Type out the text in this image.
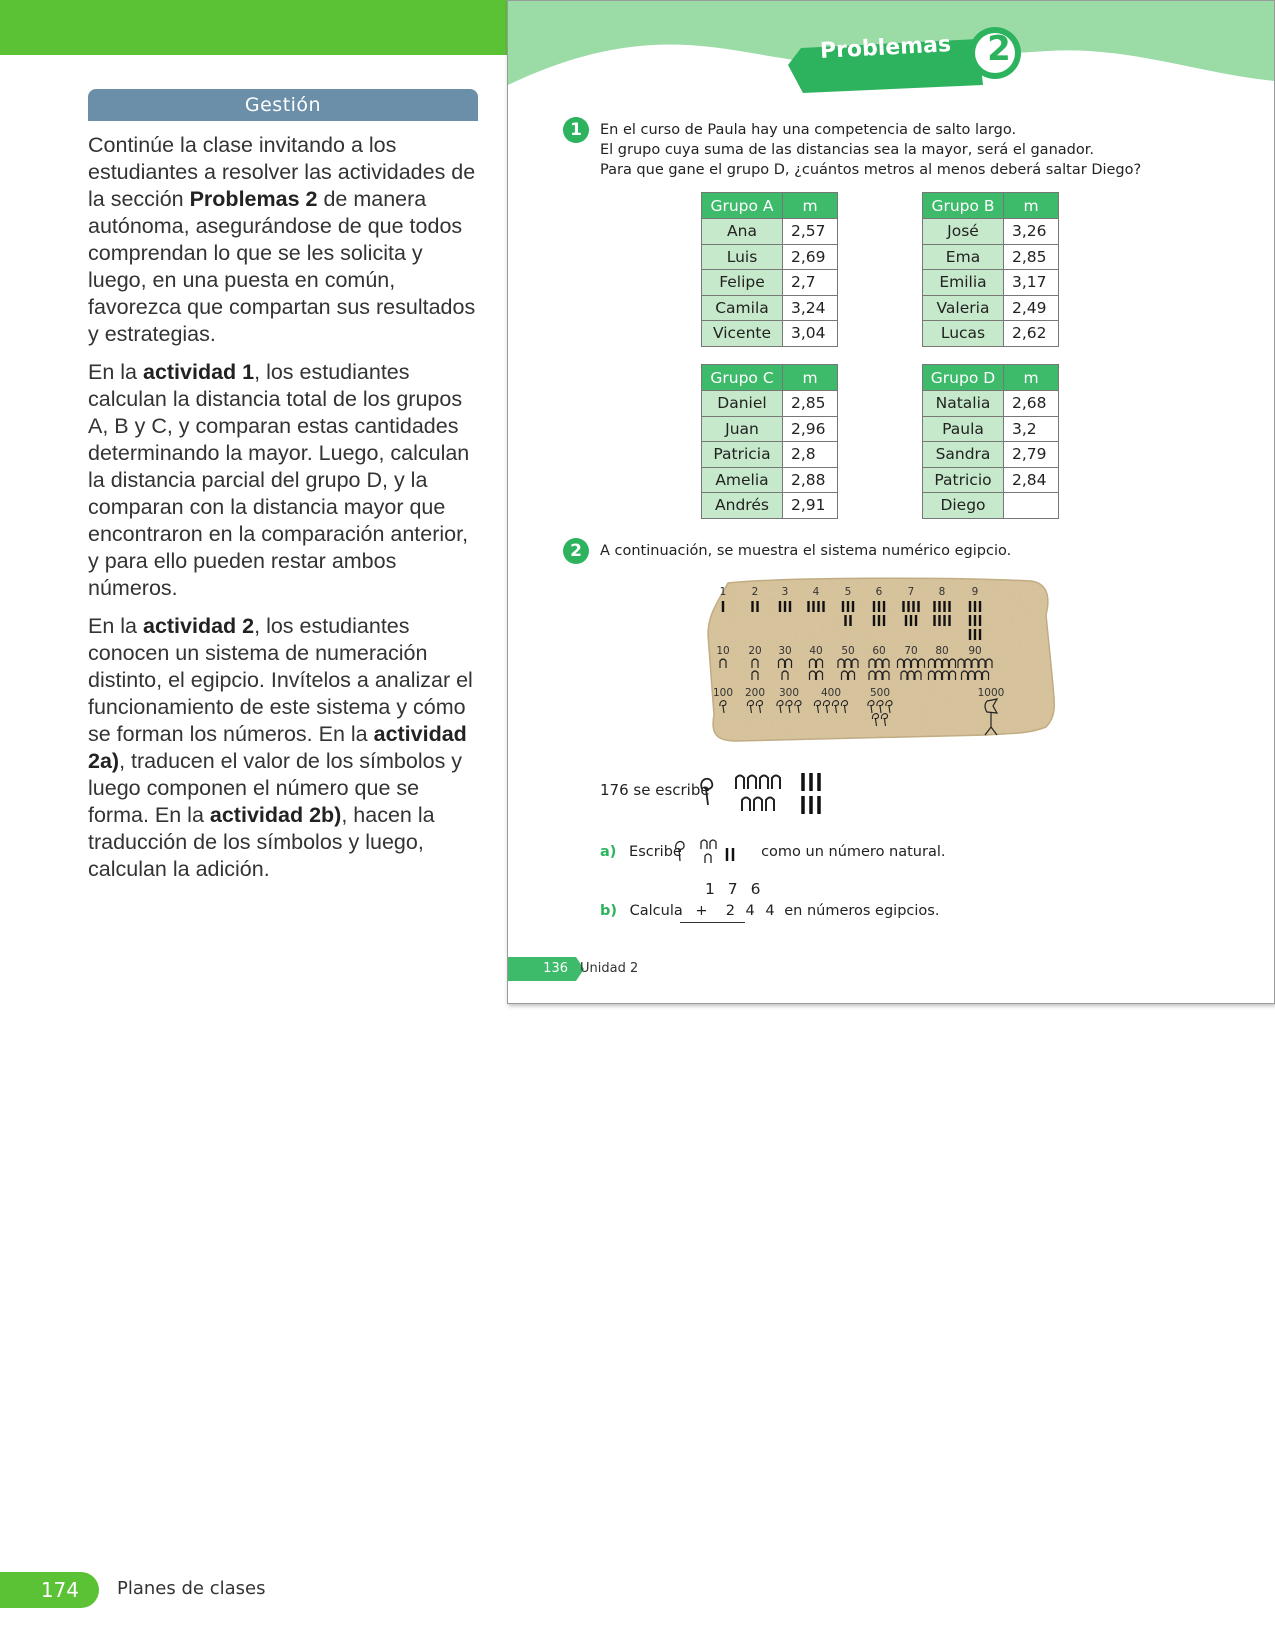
Gestión

Continúe la clase invitando a los estudiantes a resolver las actividades de la sección Problemas 2 de manera autónoma, asegurándose de que todos comprendan lo que se les solicita y luego, en una puesta en común, favorezca que compartan sus resultados y estrategias.

En la actividad 1, los estudiantes calculan la distancia total de los grupos A, B y C, y comparan estas cantidades determinando la mayor. Luego, calculan la distancia parcial del grupo D, y la comparan con la distancia mayor que encontraron en la comparación anterior, y para ello pueden restar ambos números.

En la actividad 2, los estudiantes conocen un sistema de numeración distinto, el egipcio. Invítelos a analizar el funcionamiento de este sistema y cómo se forman los números. En la actividad 2a), traducen el valor de los símbolos y luego componen el número que se forma. En la actividad 2b), hacen la traducción de los símbolos y luego, calculan la adición.

Problemas	2
1	En el curso de Paula hay una competencia de salto largo.
El grupo cuya suma de las distancias sea la mayor, será el ganador.
Para que gane el grupo D, ¿cuántos metros al menos deberá saltar Diego?
Grupo A	m
Ana	2,57
Luis	2,69
Felipe	2,7
Camila	3,24
Vicente	3,04
Grupo B	m
José	3,26
Ema	2,85
Emilia	3,17
Valeria	2,49
Lucas	2,62
Grupo C	m
Daniel	2,85
Juan	2,96
Patricia	2,8
Amelia	2,88
Andrés	2,91
Grupo D	m
Natalia	2,68
Paula	3,2
Sandra	2,79
Patricio	2,84
Diego	
2	A continuación, se muestra el sistema numérico egipcio.
176 se escribe
a) Escribe	como un número natural.
1 7 6
b) Calcula +  2 4 4 en números egipcios.
136 Unidad 2
1	2	3	4	5	6	7	8	9
10	20	30	40	50	60	70	80	90
100	200	300	400	500	1000
174	Planes de clases
